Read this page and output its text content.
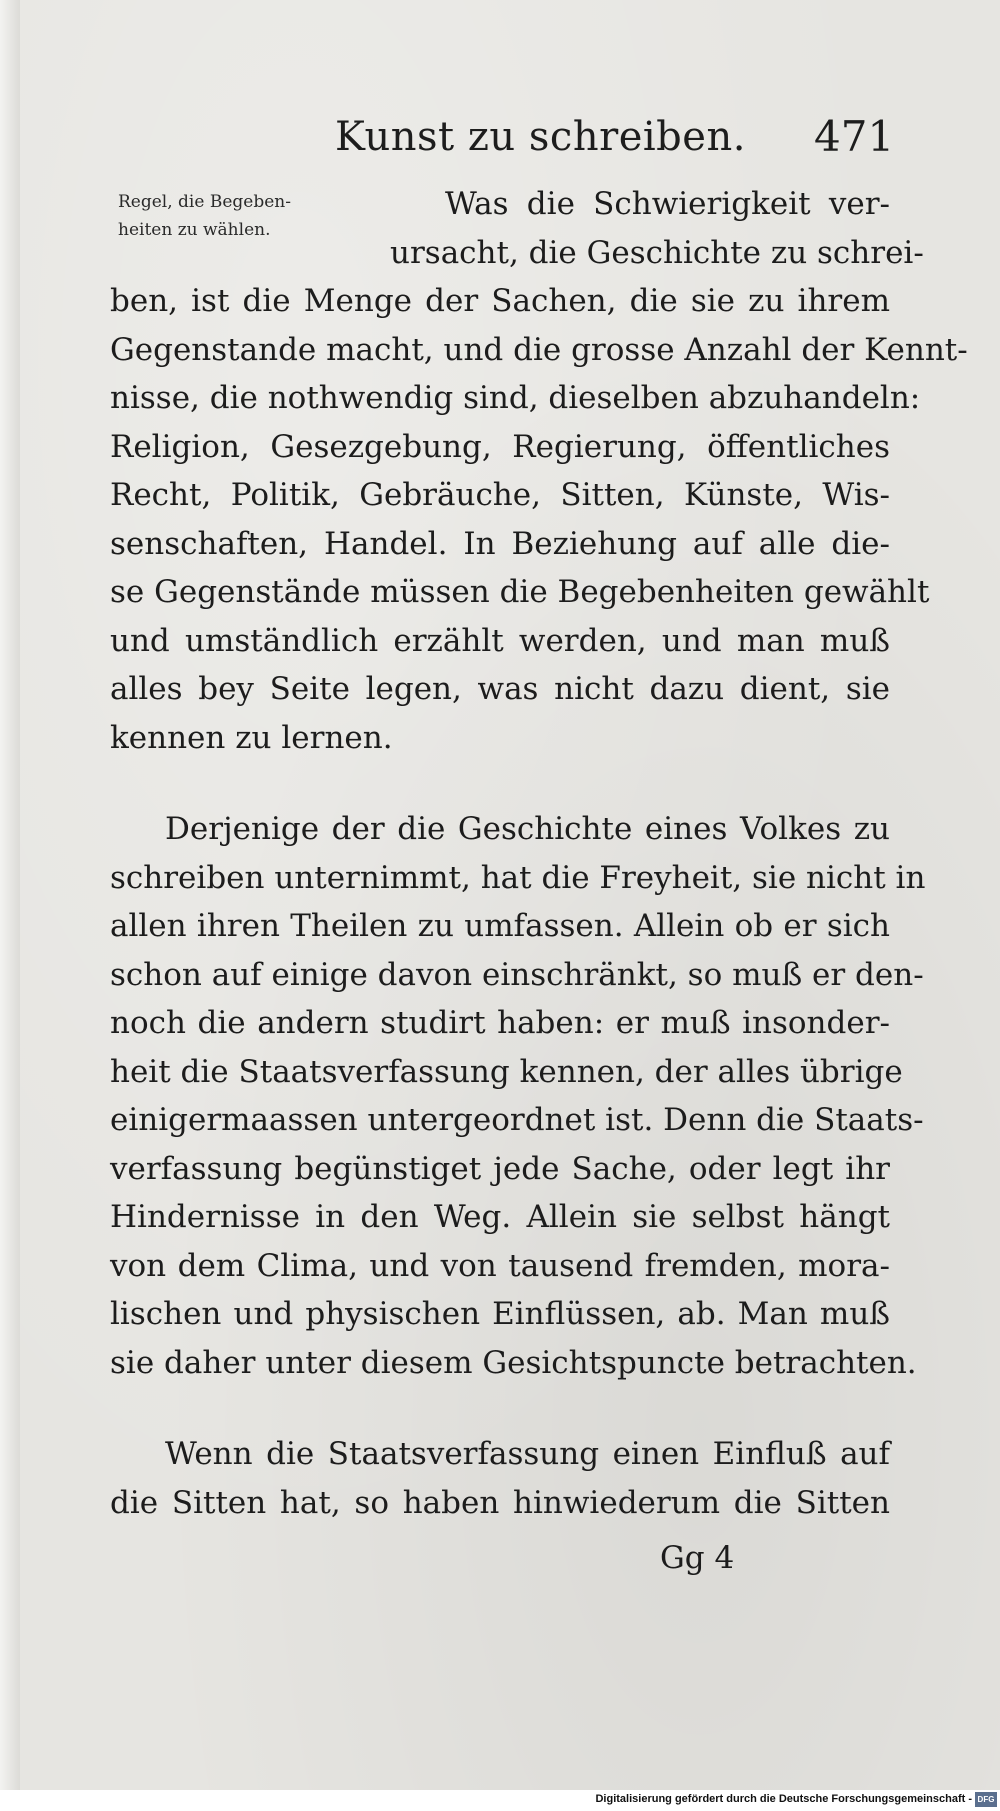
Kunst zu schreiben. 471
Regel, die Begeben-
heiten zu wählen.
Was die Schwierigkeit ver-
ursacht, die Geschichte zu schrei-
ben, ist die Menge der Sachen, die sie zu ihrem
Gegenstande macht, und die grosse Anzahl der Kennt-
nisse, die nothwendig sind, dieselben abzuhandeln:
Religion, Gesezgebung, Regierung, öffentliches
Recht, Politik, Gebräuche, Sitten, Künste, Wis-
senschaften, Handel. In Beziehung auf alle die-
se Gegenstände müssen die Begebenheiten gewählt
und umständlich erzählt werden, und man muß
alles bey Seite legen, was nicht dazu dient, sie
kennen zu lernen.
Derjenige der die Geschichte eines Volkes zu
schreiben unternimmt, hat die Freyheit, sie nicht in
allen ihren Theilen zu umfassen. Allein ob er sich
schon auf einige davon einschränkt, so muß er den-
noch die andern studirt haben: er muß insonder-
heit die Staatsverfassung kennen, der alles übrige
einigermaassen untergeordnet ist. Denn die Staats-
verfassung begünstiget jede Sache, oder legt ihr
Hindernisse in den Weg. Allein sie selbst hängt
von dem Clima, und von tausend fremden, mora-
lischen und physischen Einflüssen, ab. Man muß
sie daher unter diesem Gesichtspuncte betrachten.
Wenn die Staatsverfassung einen Einfluß auf
die Sitten hat, so haben hinwiederum die Sitten
Gg 4
Digitalisierung gefördert durch die Deutsche Forschungsgemeinschaft - DFG
